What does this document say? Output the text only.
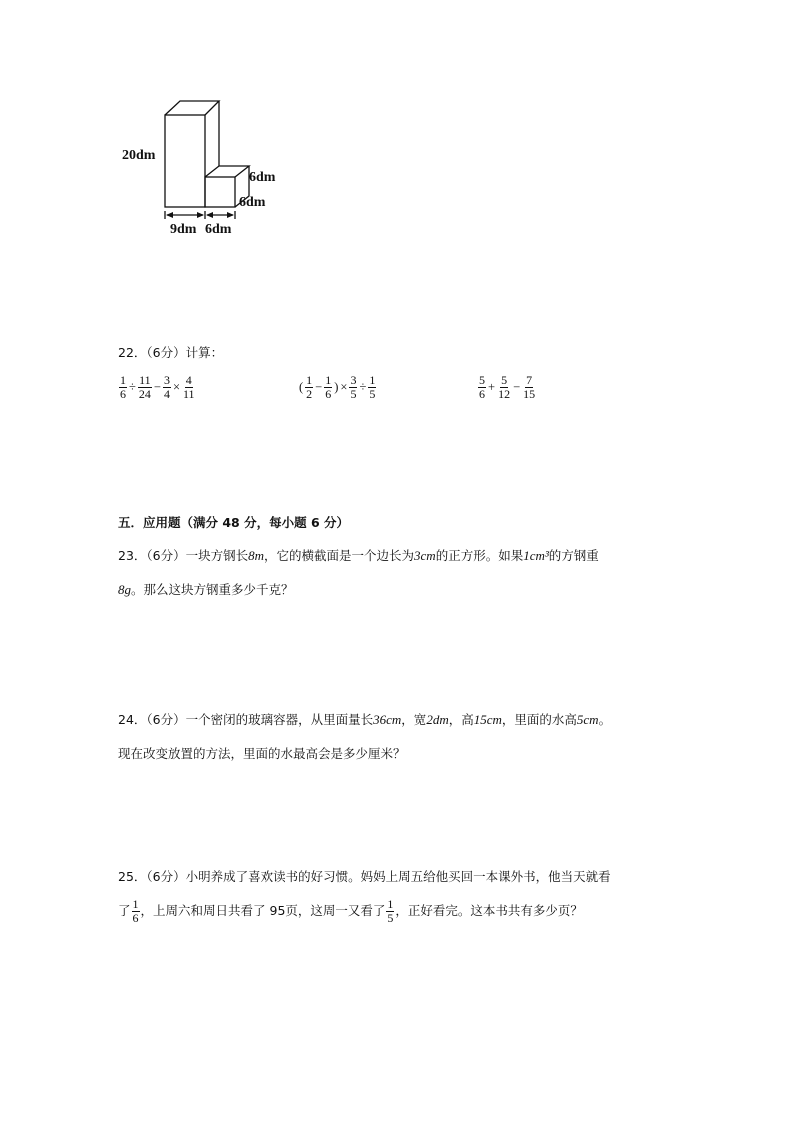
20dm
6dm
6dm
9dm 6dm
22．（6分）计算：
$\frac{1}{6} \div \frac{11}{24} - \frac{3}{4} \times \frac{4}{11}$	( $\frac{1}{2} - \frac{1}{6}$ ) × $\frac{3}{5} \div \frac{1}{5}$	$\frac{5}{6} + \frac{5}{12} - \frac{7}{15}$
五．应用题（满分 48 分，每小题 6 分）
23．（6分）一块方钢长8m，它的横截面是一个边长为3cm的正方形。如果1cm³的方钢重
8g。那么这块方钢重多少千克？
24．（6分）一个密闭的玻璃容器，从里面量长36cm，宽2dm，高15cm，里面的水高5cm。
现在改变放置的方法，里面的水最高会是多少厘米？
25．（6分）小明养成了喜欢读书的好习惯。妈妈上周五给他买回一本课外书，他当天就看
了 $\frac{1}{6}$ ，上周六和周日共看了 95页，这周一又看了 $\frac{1}{5}$ ，正好看完。这本书共有多少页？
